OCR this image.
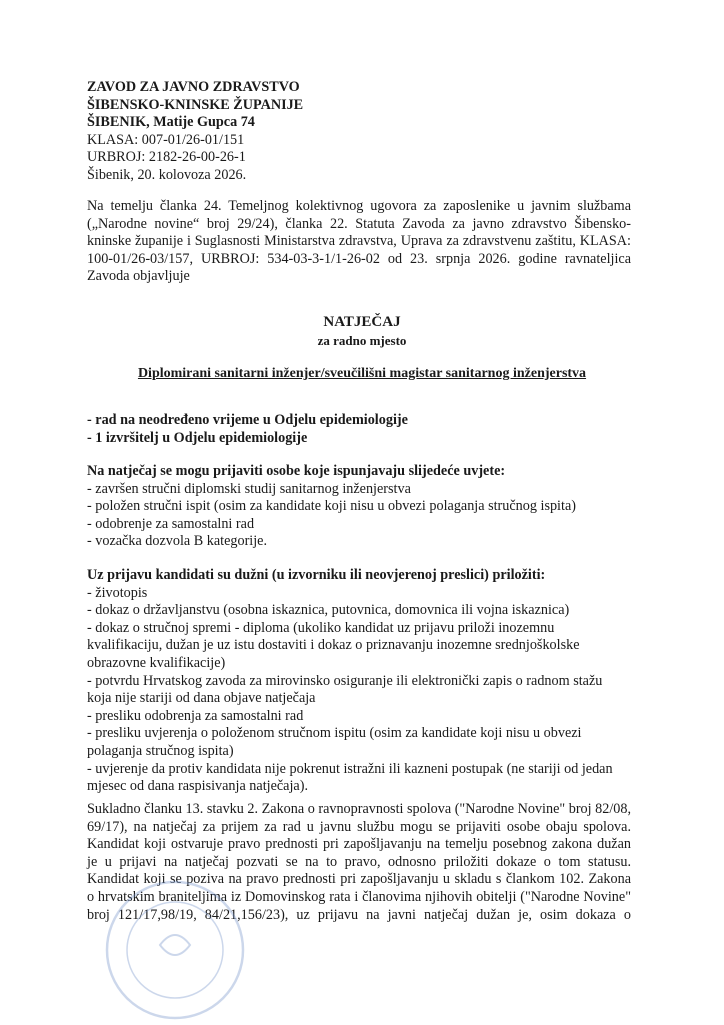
ZAVOD ZA JAVNO ZDRAVSTVO
ŠIBENSKO-KNINSKE ŽUPANIJE
ŠIBENIK, Matije Gupca 74
KLASA: 007-01/26-01/151
URBROJ: 2182-26-00-26-1
Šibenik, 20. kolovoza 2026.
Na temelju članka 24. Temeljnog kolektivnog ugovora za zaposlenike u javnim službama
(„Narodne novine“ broj 29/24), članka 22. Statuta Zavoda za javno zdravstvo Šibensko-
kninske županije i Suglasnosti Ministarstva zdravstva, Uprava za zdravstvenu zaštitu, KLASA:
100-01/26-03/157, URBROJ: 534-03-3-1/1-26-02 od 23. srpnja 2026. godine ravnateljica
Zavoda objavljuje
NATJEČAJ
za radno mjesto
Diplomirani sanitarni inženjer/sveučilišni magistar sanitarnog inženjerstva
- rad na neodređeno vrijeme u Odjelu epidemiologije
- 1 izvršitelj u Odjelu epidemiologije
Na natječaj se mogu prijaviti osobe koje ispunjavaju slijedeće uvjete:
- završen stručni diplomski studij sanitarnog inženjerstva
- položen stručni ispit (osim za kandidate koji nisu u obvezi polaganja stručnog ispita)
- odobrenje za samostalni rad
- vozačka dozvola B kategorije.
Uz prijavu kandidati su dužni (u izvorniku ili neovjerenoj preslici) priložiti:
- životopis
- dokaz o državljanstvu (osobna iskaznica, putovnica, domovnica ili vojna iskaznica)
- dokaz o stručnoj spremi - diploma (ukoliko kandidat uz prijavu priloži inozemnu
kvalifikaciju, dužan je uz istu dostaviti i dokaz o priznavanju inozemne srednjoškolske
obrazovne kvalifikacije)
- potvrdu Hrvatskog zavoda za mirovinsko osiguranje ili elektronički zapis o radnom stažu
koja nije stariji od dana objave natječaja
- presliku odobrenja za samostalni rad
- presliku uvjerenja o položenom stručnom ispitu (osim za kandidate koji nisu u obvezi
polaganja stručnog ispita)
- uvjerenje da protiv kandidata nije pokrenut istražni ili kazneni postupak (ne stariji od jedan
mjesec od dana raspisivanja natječaja).
Sukladno članku 13. stavku 2. Zakona o ravnopravnosti spolova ("Narodne Novine" broj 82/08,
69/17), na natječaj za prijem za rad u javnu službu mogu se prijaviti osobe obaju spolova.
Kandidat koji ostvaruje pravo prednosti pri zapošljavanju na temelju posebnog zakona dužan
je u prijavi na natječaj pozvati se na to pravo, odnosno priložiti dokaze o tom statusu.
Kandidat koji se poziva na pravo prednosti pri zapošljavanju u skladu s člankom 102. Zakona
o hrvatskim braniteljima iz Domovinskog rata i članovima njihovih obitelji ("Narodne Novine"
broj 121/17,98/19, 84/21,156/23), uz prijavu na javni natječaj dužan je, osim dokaza o
